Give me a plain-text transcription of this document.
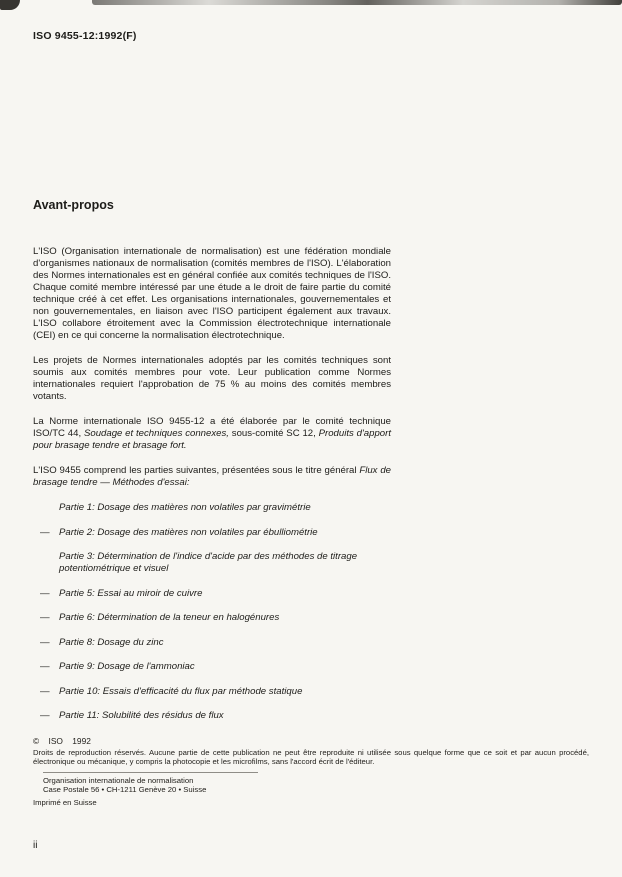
ISO 9455-12:1992(F)
Avant-propos

L'ISO (Organisation internationale de normalisation) est une fédération mondiale d'organismes nationaux de normalisation (comités membres de l'ISO). L'élaboration des Normes internationales est en général confiée aux comités techniques de l'ISO. Chaque comité membre intéressé par une étude a le droit de faire partie du comité technique créé à cet effet. Les organisations internationales, gouvernementales et non gouvernementales, en liaison avec l'ISO participent également aux travaux. L'ISO collabore étroitement avec la Commission électrotechnique internationale (CEI) en ce qui concerne la normalisation électrotechnique.

Les projets de Normes internationales adoptés par les comités techniques sont soumis aux comités membres pour vote. Leur publication comme Normes internationales requiert l'approbation de 75 % au moins des comités membres votants.

La Norme internationale ISO 9455-12 a été élaborée par le comité technique ISO/TC 44, Soudage et techniques connexes, sous-comité SC 12, Produits d'apport pour brasage tendre et brasage fort.

L'ISO 9455 comprend les parties suivantes, présentées sous le titre général Flux de brasage tendre — Méthodes d'essai:

Partie 1: Dosage des matières non volatiles par gravimétrie
— Partie 2: Dosage des matières non volatiles par ébulliométrie
Partie 3: Détermination de l'indice d'acide par des méthodes de titrage potentiométrique et visuel
— Partie 5: Essai au miroir de cuivre
— Partie 6: Détermination de la teneur en halogénures
— Partie 8: Dosage du zinc
— Partie 9: Dosage de l'ammoniac
— Partie 10: Essais d'efficacité du flux par méthode statique
— Partie 11: Solubilité des résidus de flux
© ISO 1992
Droits de reproduction réservés. Aucune partie de cette publication ne peut être reproduite ni utilisée sous quelque forme que ce soit et par aucun procédé, électronique ou mécanique, y compris la photocopie et les microfilms, sans l'accord écrit de l'éditeur.
Organisation internationale de normalisation
Case Postale 56 • CH-1211 Genève 20 • Suisse
Imprimé en Suisse
ii
